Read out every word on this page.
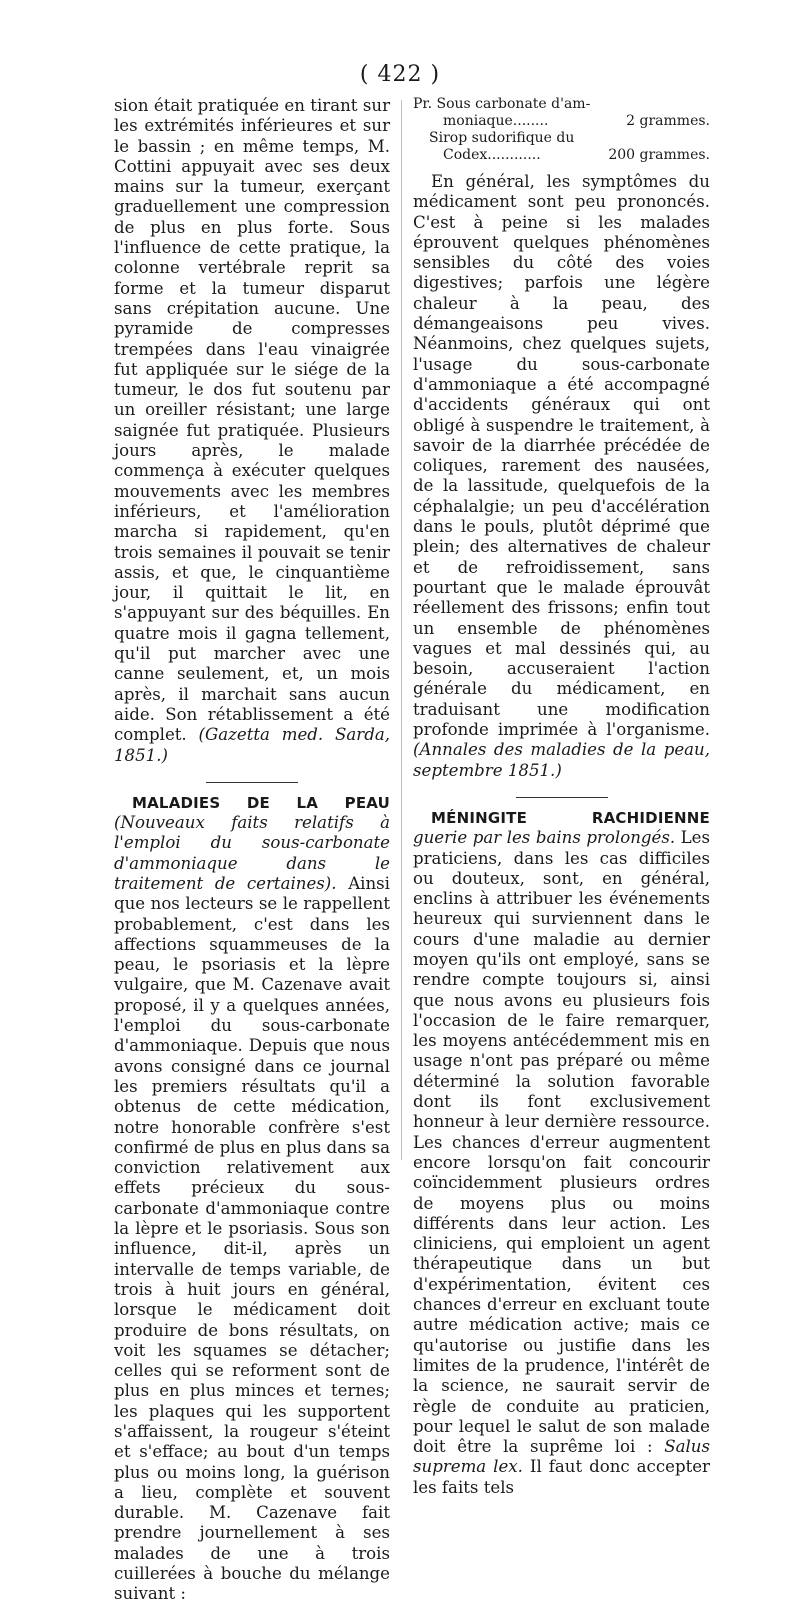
( 422 )

sion était pratiquée en tirant sur les extrémités inférieures et sur le bassin ; en même temps, M. Cottini appuyait avec ses deux mains sur la tumeur, exerçant graduellement une compression de plus en plus forte. Sous l'influence de cette pratique, la colonne vertébrale reprit sa forme et la tumeur disparut sans crépitation aucune. Une pyramide de compresses trempées dans l'eau vinaigrée fut appliquée sur le siége de la tumeur, le dos fut soutenu par un oreiller résistant; une large saignée fut pratiquée. Plusieurs jours après, le malade commença à exécuter quelques mouvements avec les membres inférieurs, et l'amélioration marcha si rapidement, qu'en trois semaines il pouvait se tenir assis, et que, le cinquantième jour, il quittait le lit, en s'appuyant sur des béquilles. En quatre mois il gagna tellement, qu'il put marcher avec une canne seulement, et, un mois après, il marchait sans aucun aide. Son rétablissement a été complet. (Gazetta med. Sarda, 1851.)

MALADIES DE LA PEAU (Nouveaux faits relatifs à l'emploi du sous-carbonate d'ammoniaque dans le traitement de certaines). Ainsi que nos lecteurs se le rappellent probablement, c'est dans les affections squammeuses de la peau, le psoriasis et la lèpre vulgaire, que M. Cazenave avait proposé, il y a quelques années, l'emploi du sous-carbonate d'ammoniaque. Depuis que nous avons consigné dans ce journal les premiers résultats qu'il a obtenus de cette médication, notre honorable confrère s'est confirmé de plus en plus dans sa conviction relativement aux effets précieux du sous-carbonate d'ammoniaque contre la lèpre et le psoriasis. Sous son influence, dit-il, après un intervalle de temps variable, de trois à huit jours en général, lorsque le médicament doit produire de bons résultats, on voit les squames se détacher; celles qui se reforment sont de plus en plus minces et ternes; les plaques qui les supportent s'affaissent, la rougeur s'éteint et s'efface; au bout d'un temps plus ou moins long, la guérison a lieu, complète et souvent durable. M. Cazenave fait prendre journellement à ses malades de une à trois cuillerées à bouche du mélange suivant :

Pr. Sous carbonate d'am-
moniaque........	2 grammes.
Sirop sudorifique du
Codex............	200 grammes.

En général, les symptômes du médicament sont peu prononcés. C'est à peine si les malades éprouvent quelques phénomènes sensibles du côté des voies digestives; parfois une légère chaleur à la peau, des démangeaisons peu vives. Néanmoins, chez quelques sujets, l'usage du sous-carbonate d'ammoniaque a été accompagné d'accidents généraux qui ont obligé à suspendre le traitement, à savoir de la diarrhée précédée de coliques, rarement des nausées, de la lassitude, quelquefois de la céphalalgie; un peu d'accélération dans le pouls, plutôt déprimé que plein; des alternatives de chaleur et de refroidissement, sans pourtant que le malade éprouvât réellement des frissons; enfin tout un ensemble de phénomènes vagues et mal dessinés qui, au besoin, accuseraient l'action générale du médicament, en traduisant une modification profonde imprimée à l'organisme. (Annales des maladies de la peau, septembre 1851.)

MÉNINGITE RACHIDIENNE guerie par les bains prolongés. Les praticiens, dans les cas difficiles ou douteux, sont, en général, enclins à attribuer les événements heureux qui surviennent dans le cours d'une maladie au dernier moyen qu'ils ont employé, sans se rendre compte toujours si, ainsi que nous avons eu plusieurs fois l'occasion de le faire remarquer, les moyens antécédemment mis en usage n'ont pas préparé ou même déterminé la solution favorable dont ils font exclusivement honneur à leur dernière ressource. Les chances d'erreur augmentent encore lorsqu'on fait concourir coïncidemment plusieurs ordres de moyens plus ou moins différents dans leur action. Les cliniciens, qui emploient un agent thérapeutique dans un but d'expérimentation, évitent ces chances d'erreur en excluant toute autre médication active; mais ce qu'autorise ou justifie dans les limites de la prudence, l'intérêt de la science, ne saurait servir de règle de conduite au praticien, pour lequel le salut de son malade doit être la suprême loi : Salus suprema lex. Il faut donc accepter les faits tels
